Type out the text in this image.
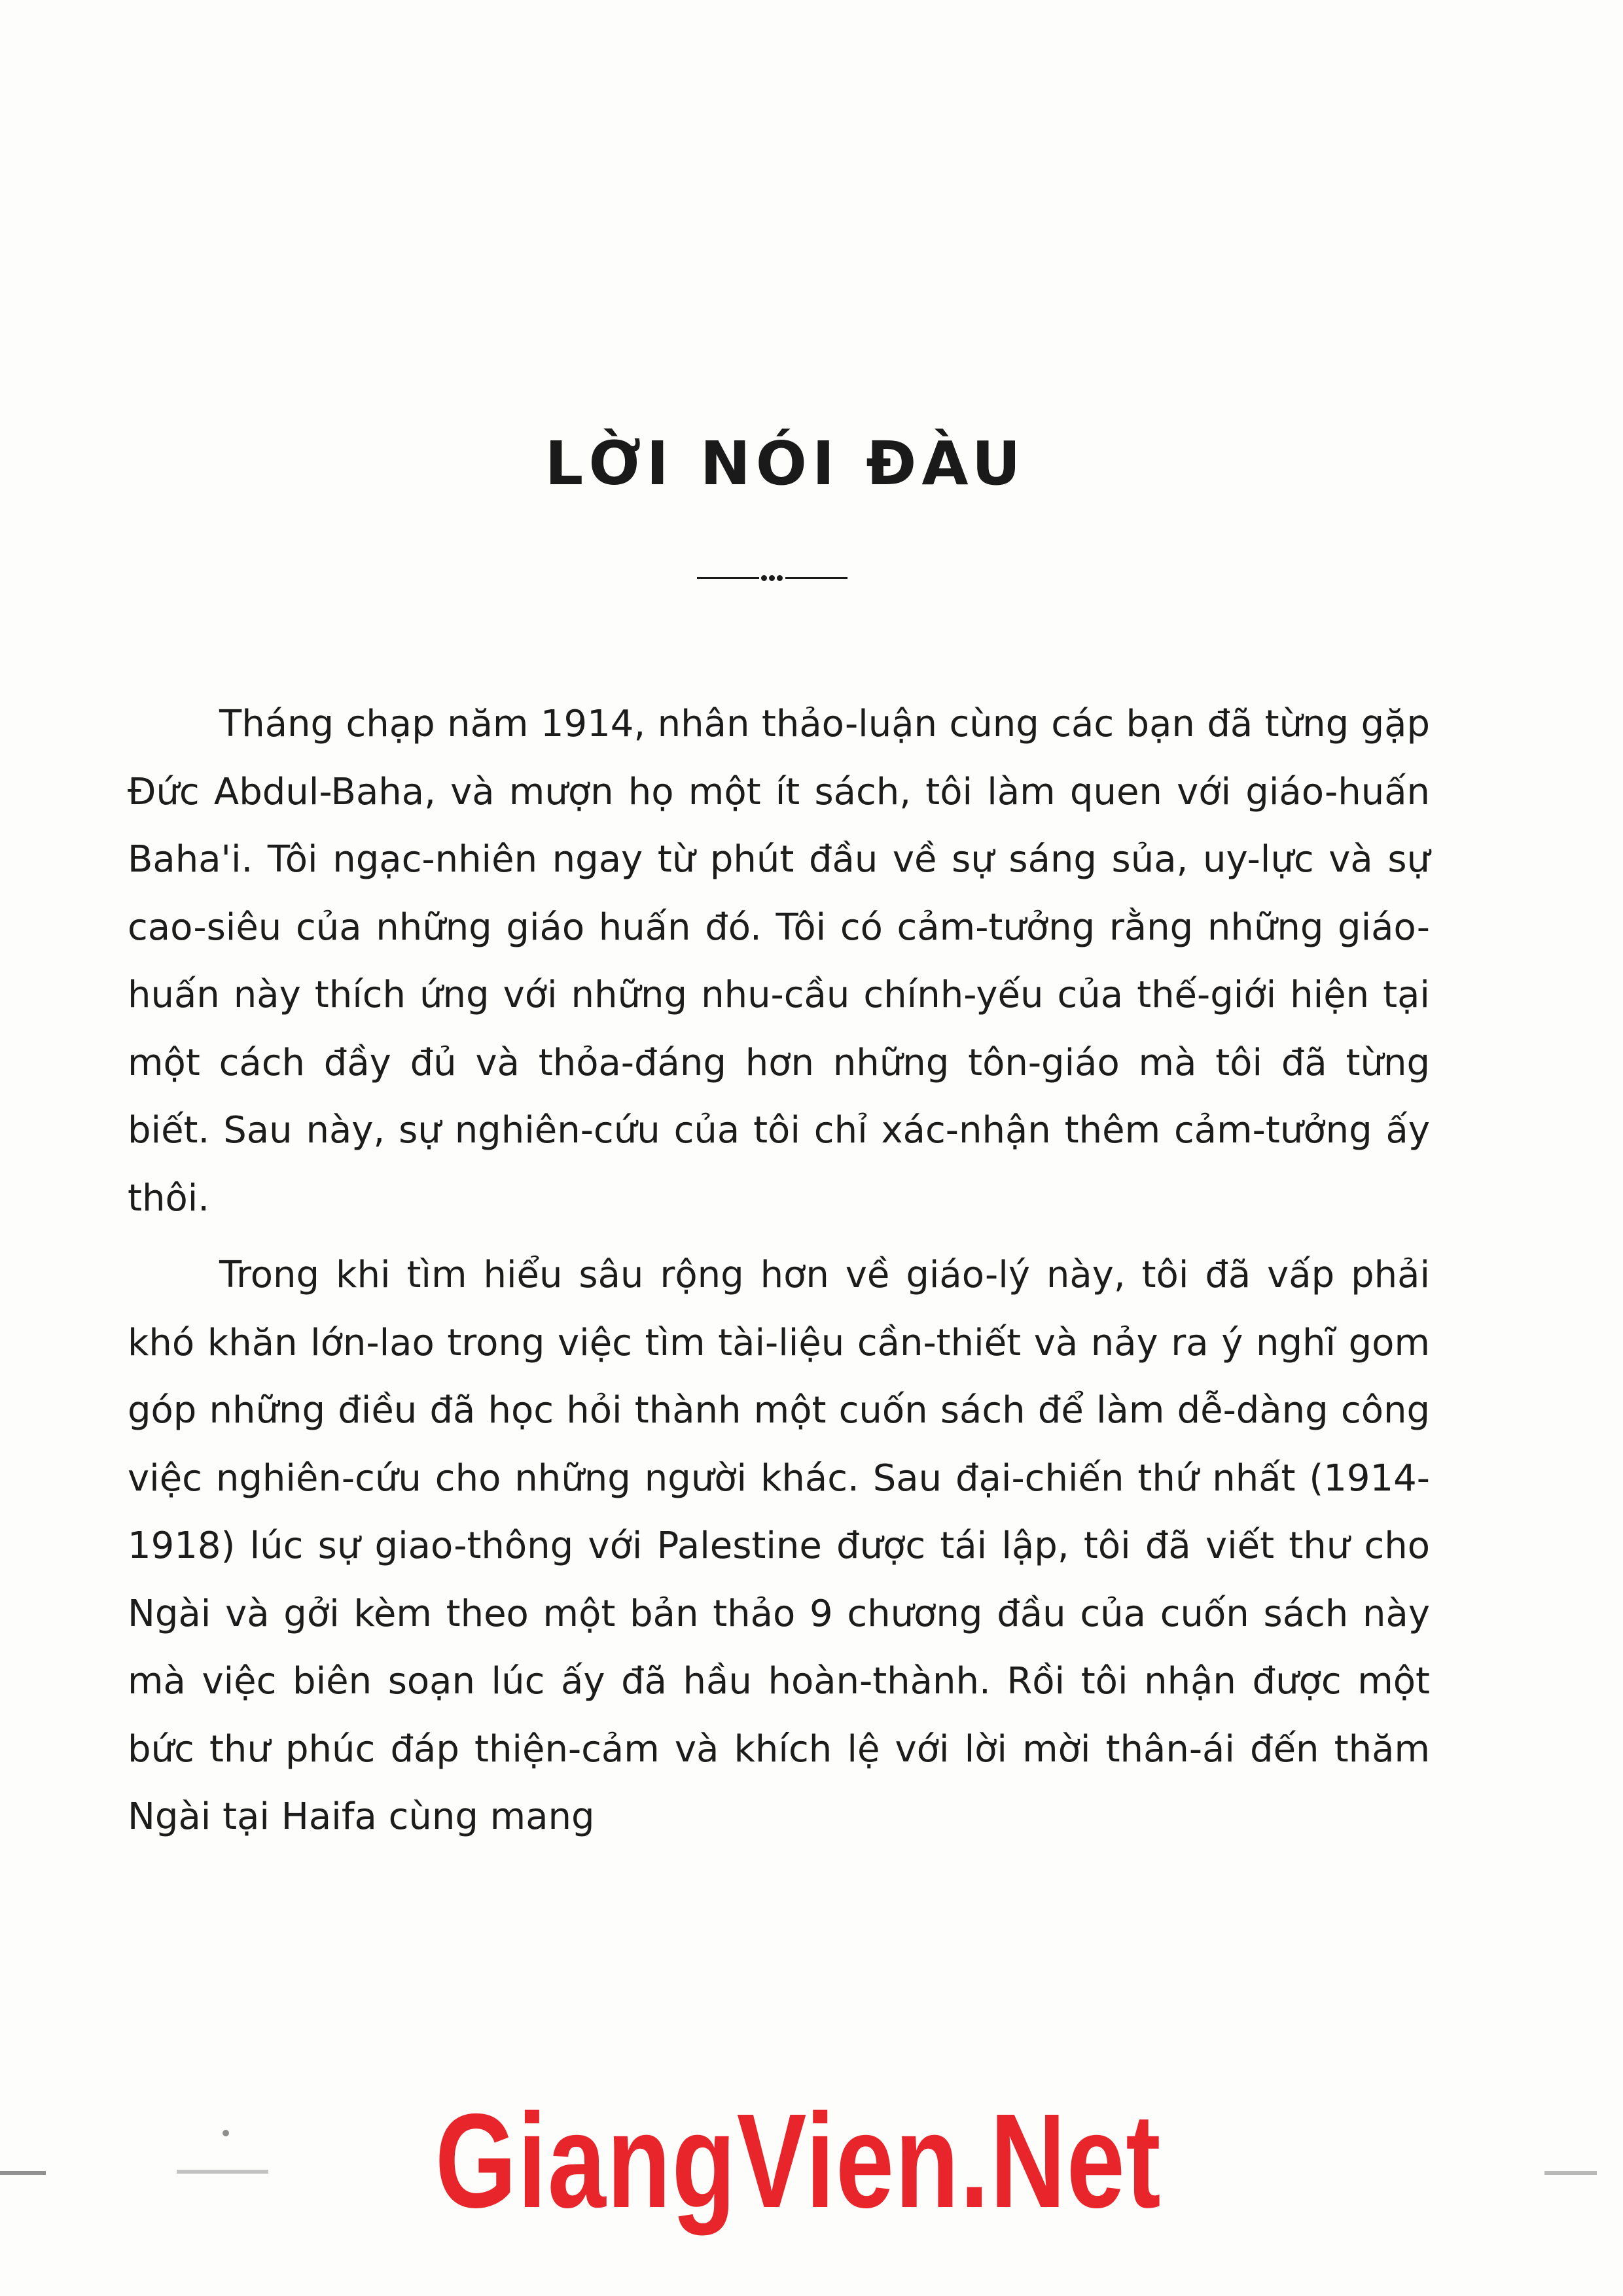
LỜI NÓI ĐÀU

Tháng chạp năm 1914, nhân thảo-luận cùng các bạn đã từng gặp Đức Abdul-Baha, và mượn họ một ít sách, tôi làm quen với giáo-huấn Baha'i. Tôi ngạc-nhiên ngay từ phút đầu về sự sáng sủa, uy-lực và sự cao-siêu của những giáo huấn đó. Tôi có cảm-tưởng rằng những giáo-huấn này thích ứng với những nhu-cầu chính-yếu của thế-giới hiện tại một cách đầy đủ và thỏa-đáng hơn những tôn-giáo mà tôi đã từng biết. Sau này, sự nghiên-cứu của tôi chỉ xác-nhận thêm cảm-tưởng ấy thôi.

Trong khi tìm hiểu sâu rộng hơn về giáo-lý này, tôi đã vấp phải khó khăn lớn-lao trong việc tìm tài-liệu cần-thiết và nảy ra ý nghĩ gom góp những điều đã học hỏi thành một cuốn sách để làm dễ-dàng công việc nghiên-cứu cho những người khác. Sau đại-chiến thứ nhất (1914-1918) lúc sự giao-thông với Palestine được tái lập, tôi đã viết thư cho Ngài và gởi kèm theo một bản thảo 9 chương đầu của cuốn sách này mà việc biên soạn lúc ấy đã hầu hoàn-thành. Rồi tôi nhận được một bức thư phúc đáp thiện-cảm và khích lệ với lời mời thân-ái đến thăm Ngài tại Haifa cùng mang

GiangVien.Net
